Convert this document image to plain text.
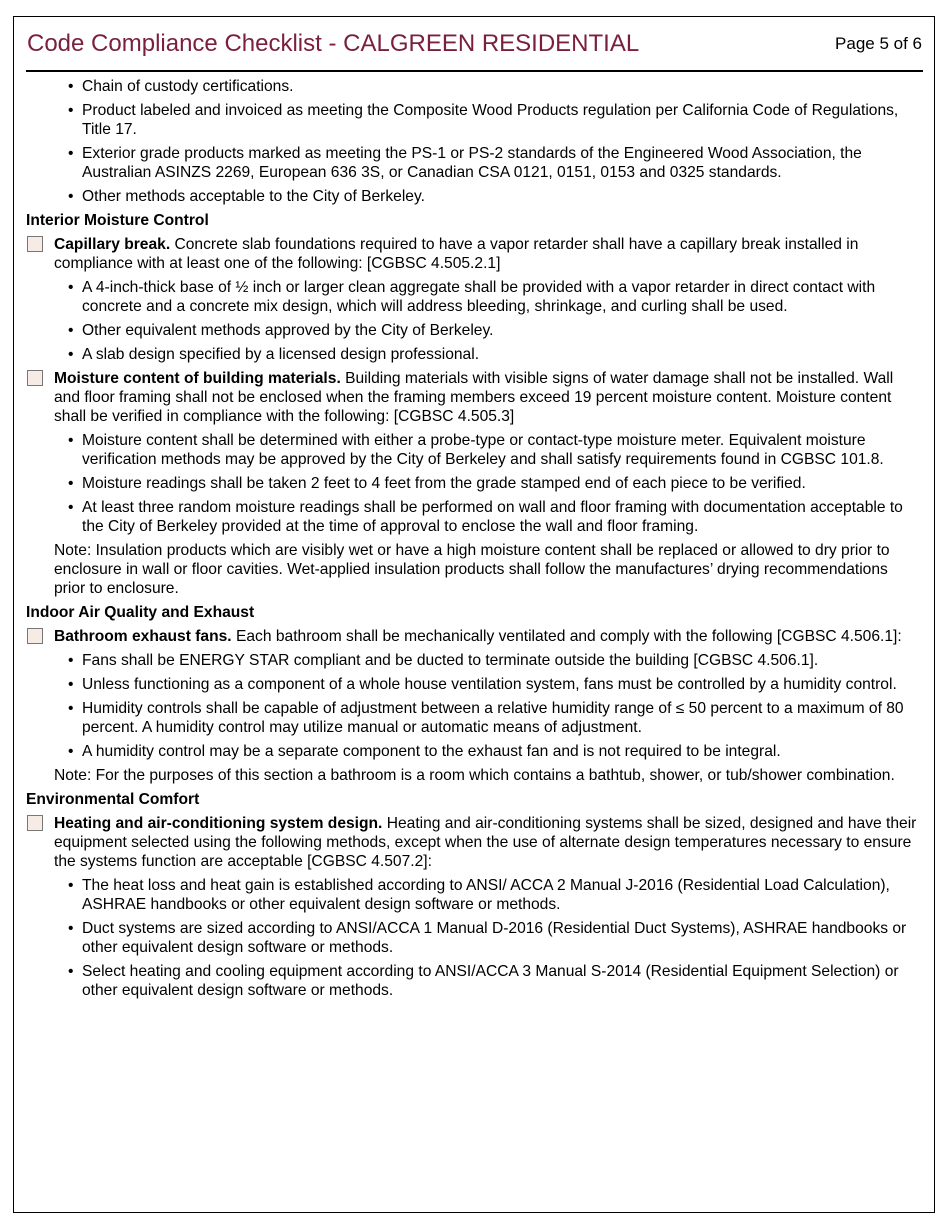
Code Compliance Checklist - CALGREEN RESIDENTIAL	Page 5 of 6
• Chain of custody certifications.
• Product labeled and invoiced as meeting the Composite Wood Products regulation per California Code of Regulations, Title 17.
• Exterior grade products marked as meeting the PS-1 or PS-2 standards of the Engineered Wood Association, the Australian ASINZS 2269, European 636 3S, or Canadian CSA 0121, 0151, 0153 and 0325 standards.
• Other methods acceptable to the City of Berkeley.
Interior Moisture Control
Capillary break. Concrete slab foundations required to have a vapor retarder shall have a capillary break installed in compliance with at least one of the following: [CGBSC 4.505.2.1]
• A 4-inch-thick base of ½ inch or larger clean aggregate shall be provided with a vapor retarder in direct contact with concrete and a concrete mix design, which will address bleeding, shrinkage, and curling shall be used.
• Other equivalent methods approved by the City of Berkeley.
• A slab design specified by a licensed design professional.
Moisture content of building materials. Building materials with visible signs of water damage shall not be installed. Wall and floor framing shall not be enclosed when the framing members exceed 19 percent moisture content. Moisture content shall be verified in compliance with the following: [CGBSC 4.505.3]
• Moisture content shall be determined with either a probe-type or contact-type moisture meter. Equivalent moisture verification methods may be approved by the City of Berkeley and shall satisfy requirements found in CGBSC 101.8.
• Moisture readings shall be taken 2 feet to 4 feet from the grade stamped end of each piece to be verified.
• At least three random moisture readings shall be performed on wall and floor framing with documentation acceptable to the City of Berkeley provided at the time of approval to enclose the wall and floor framing.
Note: Insulation products which are visibly wet or have a high moisture content shall be replaced or allowed to dry prior to enclosure in wall or floor cavities. Wet-applied insulation products shall follow the manufactures’ drying recommendations prior to enclosure.
Indoor Air Quality and Exhaust
Bathroom exhaust fans. Each bathroom shall be mechanically ventilated and comply with the following [CGBSC 4.506.1]:
• Fans shall be ENERGY STAR compliant and be ducted to terminate outside the building [CGBSC 4.506.1].
• Unless functioning as a component of a whole house ventilation system, fans must be controlled by a humidity control.
• Humidity controls shall be capable of adjustment between a relative humidity range of ≤ 50 percent to a maximum of 80 percent. A humidity control may utilize manual or automatic means of adjustment.
• A humidity control may be a separate component to the exhaust fan and is not required to be integral.
Note: For the purposes of this section a bathroom is a room which contains a bathtub, shower, or tub/shower combination.
Environmental Comfort
Heating and air-conditioning system design. Heating and air-conditioning systems shall be sized, designed and have their equipment selected using the following methods, except when the use of alternate design temperatures necessary to ensure the systems function are acceptable [CGBSC 4.507.2]:
• The heat loss and heat gain is established according to ANSI/ ACCA 2 Manual J-2016 (Residential Load Calculation), ASHRAE handbooks or other equivalent design software or methods.
• Duct systems are sized according to ANSI/ACCA 1 Manual D-2016 (Residential Duct Systems), ASHRAE handbooks or other equivalent design software or methods.
• Select heating and cooling equipment according to ANSI/ACCA 3 Manual S-2014 (Residential Equipment Selection) or other equivalent design software or methods.
